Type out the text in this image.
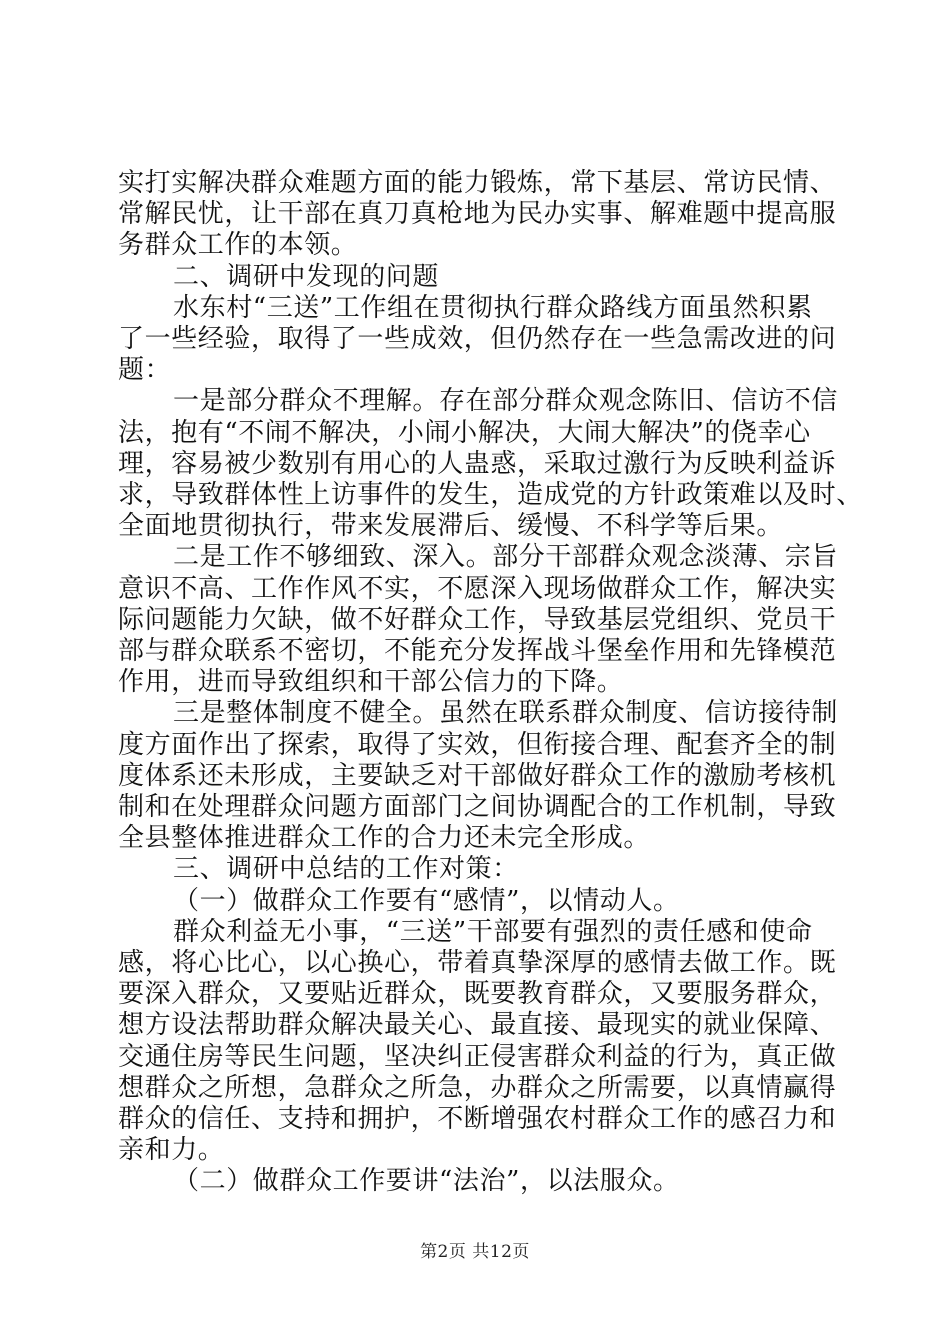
实打实解决群众难题方面的能力锻炼，常下基层、常访民情、
常解民忧，让干部在真刀真枪地为民办实事、解难题中提高服
务群众工作的本领。
二、调研中发现的问题
水东村“三送”工作组在贯彻执行群众路线方面虽然积累
了一些经验，取得了一些成效，但仍然存在一些急需改进的问
题：
一是部分群众不理解。存在部分群众观念陈旧、信访不信
法，抱有“不闹不解决，小闹小解决，大闹大解决”的侥幸心
理，容易被少数别有用心的人蛊惑，采取过激行为反映利益诉
求，导致群体性上访事件的发生，造成党的方针政策难以及时、
全面地贯彻执行，带来发展滞后、缓慢、不科学等后果。
二是工作不够细致、深入。部分干部群众观念淡薄、宗旨
意识不高、工作作风不实，不愿深入现场做群众工作，解决实
际问题能力欠缺，做不好群众工作，导致基层党组织、党员干
部与群众联系不密切，不能充分发挥战斗堡垒作用和先锋模范
作用，进而导致组织和干部公信力的下降。
三是整体制度不健全。虽然在联系群众制度、信访接待制
度方面作出了探索，取得了实效，但衔接合理、配套齐全的制
度体系还未形成，主要缺乏对干部做好群众工作的激励考核机
制和在处理群众问题方面部门之间协调配合的工作机制，导致
全县整体推进群众工作的合力还未完全形成。
三、调研中总结的工作对策：
（一）做群众工作要有“感情”，以情动人。
群众利益无小事，“三送”干部要有强烈的责任感和使命
感，将心比心，以心换心，带着真挚深厚的感情去做工作。既
要深入群众，又要贴近群众，既要教育群众，又要服务群众，
想方设法帮助群众解决最关心、最直接、最现实的就业保障、
交通住房等民生问题，坚决纠正侵害群众利益的行为，真正做
想群众之所想，急群众之所急，办群众之所需要，以真情赢得
群众的信任、支持和拥护，不断增强农村群众工作的感召力和
亲和力。
（二）做群众工作要讲“法治”，以法服众。
第2页 共12页
